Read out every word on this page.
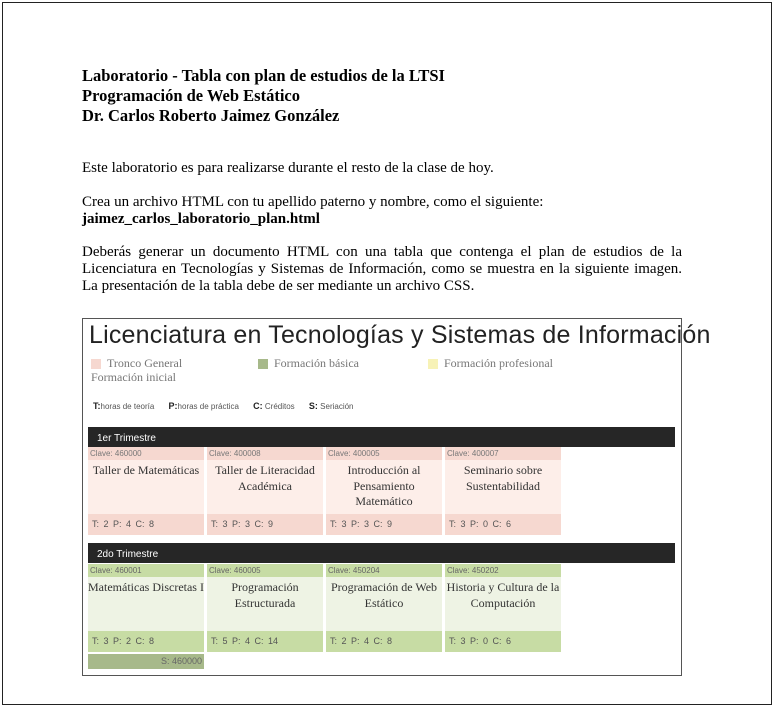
Laboratorio - Tabla con plan de estudios de la LTSI
Programación de Web Estático
Dr. Carlos Roberto Jaimez González
Este laboratorio es para realizarse durante el resto de la clase de hoy.
Crea un archivo HTML con tu apellido paterno y nombre, como el siguiente:
jaimez_carlos_laboratorio_plan.html
Deberás generar un documento HTML con una tabla que contenga el plan de estudios de la Licenciatura en Tecnologías y Sistemas de Información, como se muestra en la siguiente imagen. La presentación de la tabla debe de ser mediante un archivo CSS.
Licenciatura en Tecnologías y Sistemas de Información
Tronco General	Formación básica	Formación profesional
Formación inicial
T:horas de teoría P:horas de práctica C: Créditos S: Seriación
1er Trimestre
Clave: 460000
Taller de Matemáticas
T: 2 P: 4 C: 8
Clave: 400008
Taller de Literacidad Académica
T: 3 P: 3 C: 9
Clave: 400005
Introducción al Pensamiento Matemático
T: 3 P: 3 C: 9
Clave: 400007
Seminario sobre Sustentabilidad
T: 3 P: 0 C: 6
2do Trimestre
Clave: 460001
Matemáticas Discretas I
T: 3 P: 2 C: 8
Clave: 460005
Programación Estructurada
T: 5 P: 4 C: 14
Clave: 450204
Programación de Web Estático
T: 2 P: 4 C: 8
Clave: 450202
Historia y Cultura de la Computación
T: 3 P: 0 C: 6
S: 460000
